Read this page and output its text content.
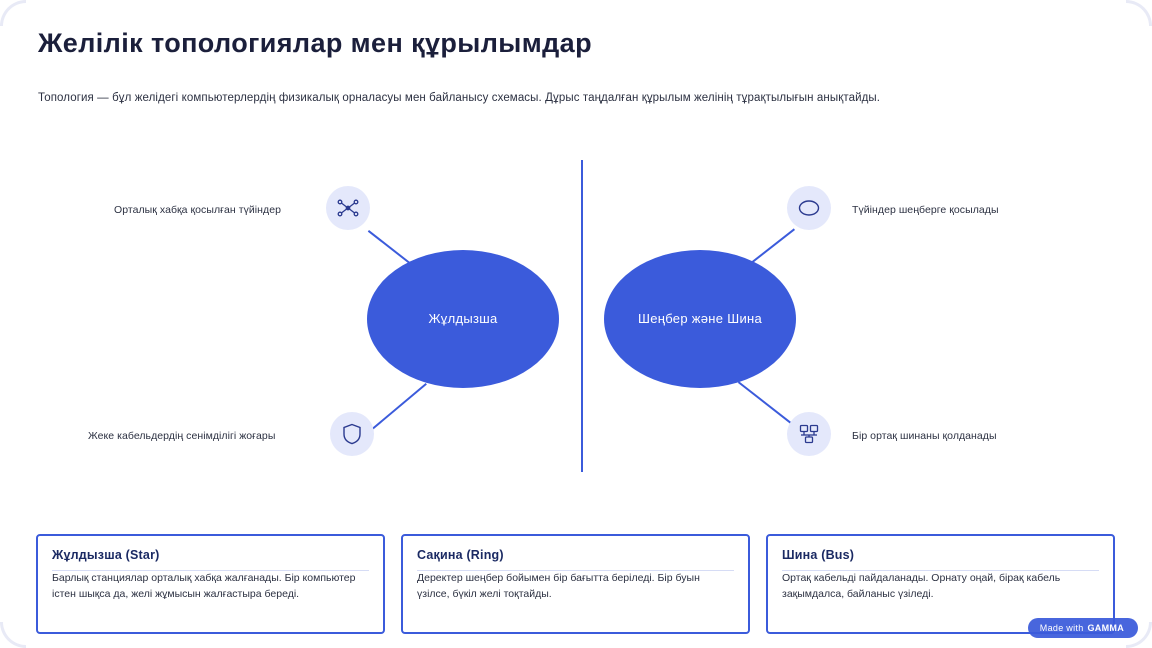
Желілік топологиялар мен құрылымдар
Топология — бұл желідегі компьютерлердің физикалық орналасуы мен байланысу схемасы. Дұрыс таңдалған құрылым желінің тұрақтылығын анықтайды.
Жұлдызша	Шеңбер және Шина
Орталық хабқа қосылған түйіндер
Жеке кабельдердің сенімділігі жоғары
Түйіндер шеңберге қосылады
Бір ортақ шинаны қолданады
Жұлдызша (Star)
Барлық станциялар орталық хабқа жалғанады. Бір компьютер істен шықса да, желі жұмысын жалғастыра береді.
Сақина (Ring)
Деректер шеңбер бойымен бір бағытта беріледі. Бір буын үзілсе, бүкіл желі тоқтайды.
Шина (Bus)
Ортақ кабельді пайдаланады. Орнату оңай, бірақ кабель зақымдалса, байланыс үзіледі.
Made with GAMMA
